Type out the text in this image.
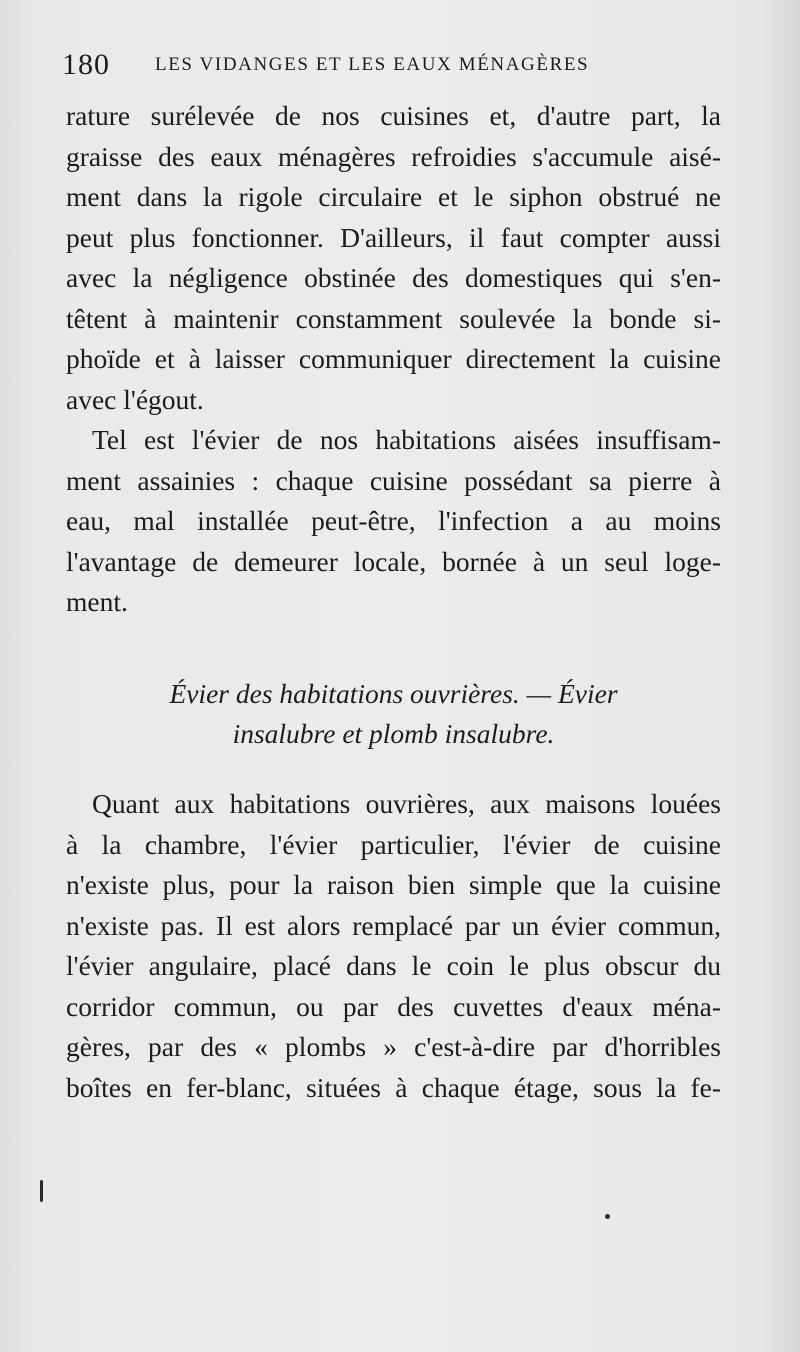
180 LES VIDANGES ET LES EAUX MÉNAGÈRES
rature surélevée de nos cuisines et, d'autre part, la
graisse des eaux ménagères refroidies s'accumule aisé-
ment dans la rigole circulaire et le siphon obstrué ne
peut plus fonctionner. D'ailleurs, il faut compter aussi
avec la négligence obstinée des domestiques qui s'en-
têtent à maintenir constamment soulevée la bonde si-
phoïde et à laisser communiquer directement la cuisine
avec l'égout.
Tel est l'évier de nos habitations aisées insuffisam-
ment assainies : chaque cuisine possédant sa pierre à
eau, mal installée peut-être, l'infection a au moins
l'avantage de demeurer locale, bornée à un seul loge-
ment.
Évier des habitations ouvrières. — Évier
insalubre et plomb insalubre.
Quant aux habitations ouvrières, aux maisons louées
à la chambre, l'évier particulier, l'évier de cuisine
n'existe plus, pour la raison bien simple que la cuisine
n'existe pas. Il est alors remplacé par un évier commun,
l'évier angulaire, placé dans le coin le plus obscur du
corridor commun, ou par des cuvettes d'eaux ména-
gères, par des « plombs » c'est-à-dire par d'horribles
boîtes en fer-blanc, situées à chaque étage, sous la fe-
